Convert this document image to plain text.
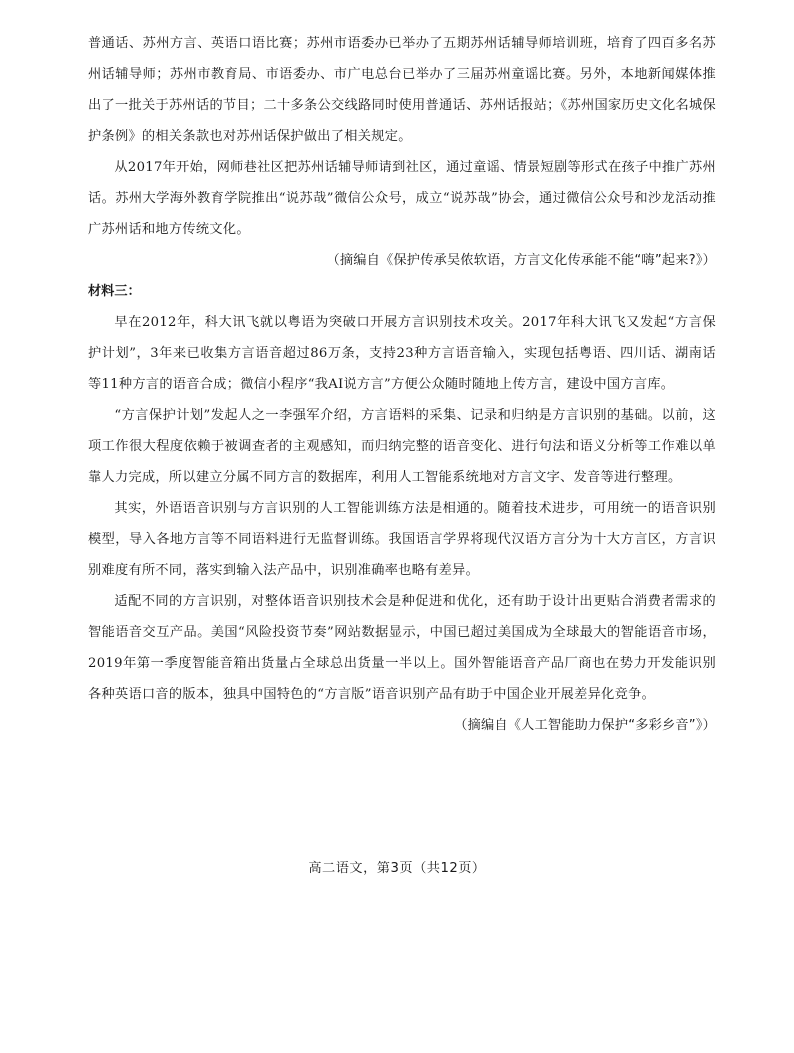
普通话、苏州方言、英语口语比赛；苏州市语委办已举办了五期苏州话辅导师培训班，培育了四百多名苏州话辅导师；苏州市教育局、市语委办、市广电总台已举办了三届苏州童谣比赛。另外，本地新闻媒体推出了一批关于苏州话的节目；二十多条公交线路同时使用普通话、苏州话报站；《苏州国家历史文化名城保护条例》的相关条款也对苏州话保护做出了相关规定。

从2017年开始，网师巷社区把苏州话辅导师请到社区，通过童谣、情景短剧等形式在孩子中推广苏州话。苏州大学海外教育学院推出“说苏哉”微信公众号，成立“说苏哉”协会，通过微信公众号和沙龙活动推广苏州话和地方传统文化。

（摘编自《保护传承吴侬软语，方言文化传承能不能“嗨”起来?》）

材料三：

早在2012年，科大讯飞就以粤语为突破口开展方言识别技术攻关。2017年科大讯飞又发起“方言保护计划”，3年来已收集方言语音超过86万条，支持23种方言语音输入，实现包括粤语、四川话、湖南话等11种方言的语音合成；微信小程序“我AI说方言”方便公众随时随地上传方言，建设中国方言库。

“方言保护计划”发起人之一李强军介绍，方言语料的采集、记录和归纳是方言识别的基础。以前，这项工作很大程度依赖于被调查者的主观感知，而归纳完整的语音变化、进行句法和语义分析等工作难以单靠人力完成，所以建立分属不同方言的数据库，利用人工智能系统地对方言文字、发音等进行整理。

其实，外语语音识别与方言识别的人工智能训练方法是相通的。随着技术进步，可用统一的语音识别模型，导入各地方言等不同语料进行无监督训练。我国语言学界将现代汉语方言分为十大方言区，方言识别难度有所不同，落实到输入法产品中，识别准确率也略有差异。

适配不同的方言识别，对整体语音识别技术会是种促进和优化，还有助于设计出更贴合消费者需求的智能语音交互产品。美国“风险投资节奏”网站数据显示，中国已超过美国成为全球最大的智能语音市场，2019年第一季度智能音箱出货量占全球总出货量一半以上。国外智能语音产品厂商也在势力开发能识别各种英语口音的版本，独具中国特色的“方言版”语音识别产品有助于中国企业开展差异化竞争。

（摘编自《人工智能助力保护“多彩乡音”》）

高二语文，第3页（共12页）
